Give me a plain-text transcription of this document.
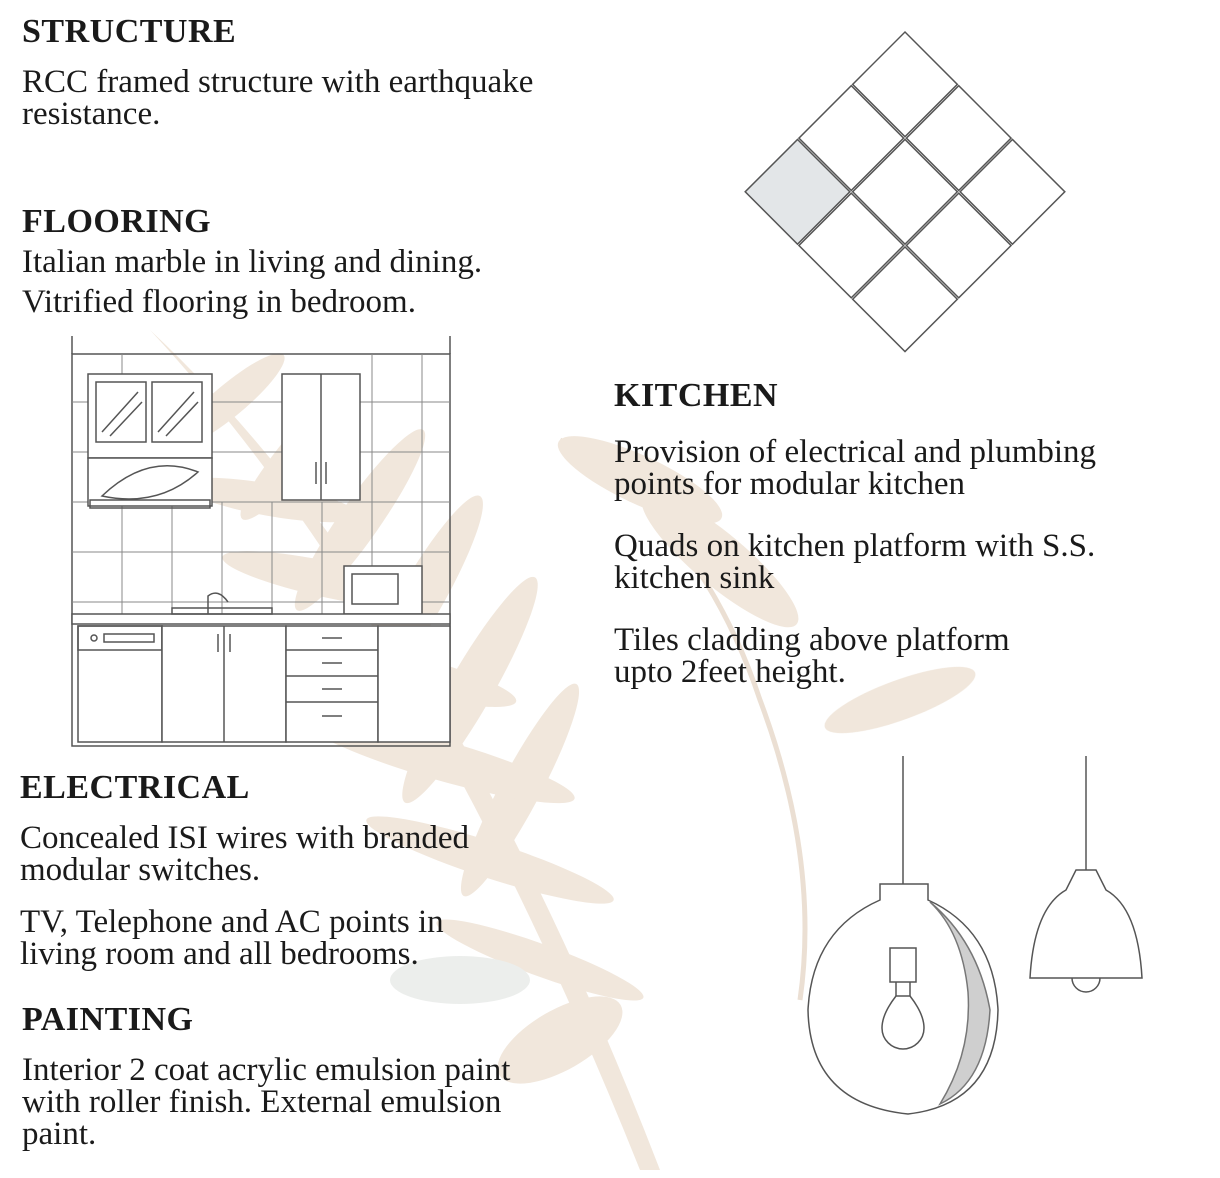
STRUCTURE

RCC framed structure with earthquake

resistance.

FLOORING

Italian marble in living and dining.

Vitrified flooring in bedroom.

KITCHEN

Provision of electrical and plumbing

points for modular kitchen

Quads on kitchen platform with S.S.

kitchen sink

Tiles cladding above platform

upto 2feet height.

ELECTRICAL

Concealed ISI wires with branded

modular switches.

TV, Telephone and AC points in

living room and all bedrooms.

PAINTING

Interior 2 coat acrylic emulsion paint

with roller finish. External emulsion

paint.
